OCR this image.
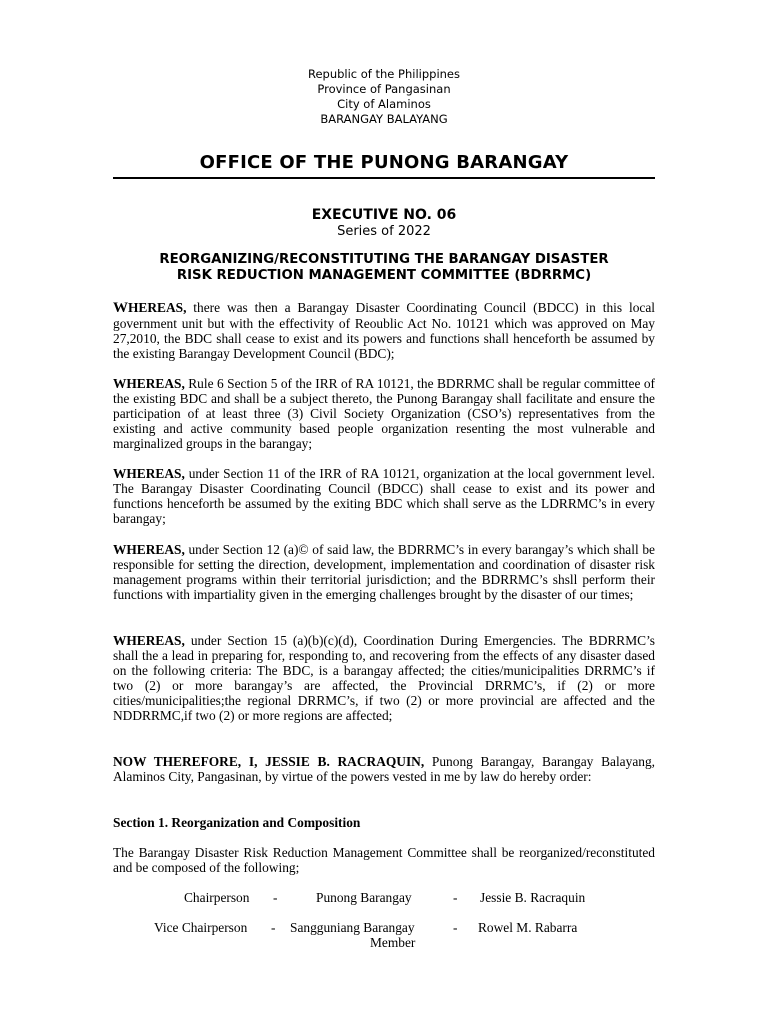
Republic of the Philippines
Province of Pangasinan
City of Alaminos
BARANGAY BALAYANG
OFFICE OF THE PUNONG BARANGAY
EXECUTIVE NO. 06
Series of 2022
REORGANIZING/RECONSTITUTING THE BARANGAY DISASTER
RISK REDUCTION MANAGEMENT COMMITTEE (BDRRMC)
WHEREAS, there was then a Barangay Disaster Coordinating Council (BDCC) in this local government unit but with the effectivity of Reoublic Act No. 10121 which was approved on May 27,2010, the BDC shall cease to exist and its powers and functions shall henceforth be assumed by the existing Barangay Development Council (BDC);
WHEREAS, Rule 6 Section 5 of the IRR of RA 10121, the BDRRMC shall be regular committee of the existing BDC and shall be a subject thereto, the Punong Barangay shall facilitate and ensure the participation of at least three (3) Civil Society Organization (CSO’s) representatives from the existing and active community based people organization resenting the most vulnerable and marginalized groups in the barangay;
WHEREAS, under Section 11 of the IRR of RA 10121, organization at the local government level. The Barangay Disaster Coordinating Council (BDCC) shall cease to exist and its power and functions henceforth be assumed by the exiting BDC which shall serve as the LDRRMC’s in every barangay;
WHEREAS, under Section 12 (a)© of said law, the BDRRMC’s in every barangay’s which shall be responsible for setting the direction, development, implementation and coordination of disaster risk management programs within their territorial jurisdiction; and the BDRRMC’s shsll perform their functions with impartiality given in the emerging challenges brought by the disaster of our times;
WHEREAS, under Section 15 (a)(b)(c)(d), Coordination During Emergencies. The BDRRMC’s shall the a lead in preparing for, responding to, and recovering from the effects of any disaster dased on the following criteria: The BDC, is a barangay affected; the cities/municipalities DRRMC’s if two (2) or more barangay’s are affected, the Provincial DRRMC’s, if (2) or more cities/municipalities;the regional DRRMC’s, if two (2) or more provincial are affected and the NDDRRMC,if two (2) or more regions are affected;
NOW THEREFORE, I, JESSIE B. RACRAQUIN, Punong Barangay, Barangay Balayang, Alaminos City, Pangasinan, by virtue of the powers vested in me by law do hereby order:
Section 1. Reorganization and Composition
The Barangay Disaster Risk Reduction Management Committee shall be reorganized/reconstituted and be composed of the following;
Chairperson -	Punong Barangay	- Jessie B. Racraquin
Vice Chairperson - Sangguniang Barangay
Member
- Rowel M. Rabarra
